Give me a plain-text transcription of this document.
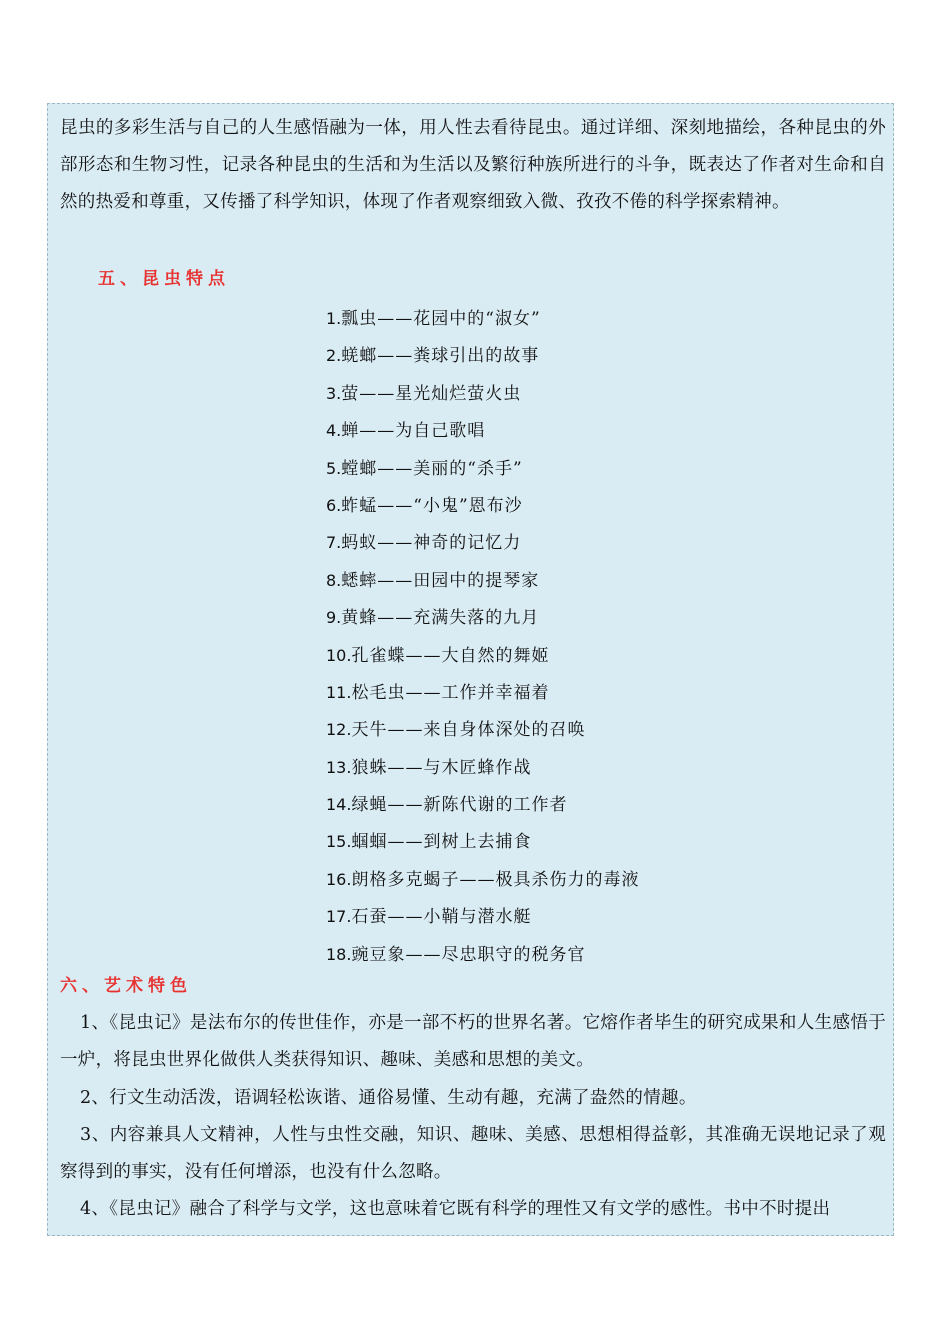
昆虫的多彩生活与自己的人生感悟融为一体，用人性去看待昆虫。通过详细、深刻地描绘，各种昆虫的外部形态和生物习性，记录各种昆虫的生活和为生活以及繁衍种族所进行的斗争，既表达了作者对生命和自然的热爱和尊重，又传播了科学知识，体现了作者观察细致入微、孜孜不倦的科学探索精神。

五、昆虫特点
1.瓢虫——花园中的“淑女”
2.蜣螂——粪球引出的故事
3.萤——星光灿烂萤火虫
4.蝉——为自己歌唱
5.螳螂——美丽的“杀手”
6.蚱蜢——“小鬼”恩布沙
7.蚂蚁——神奇的记忆力
8.蟋蟀——田园中的提琴家
9.黄蜂——充满失落的九月
10.孔雀蝶——大自然的舞姬
11.松毛虫——工作并幸福着
12.天牛——来自身体深处的召唤
13.狼蛛——与木匠蜂作战
14.绿蝇——新陈代谢的工作者
15.蝈蝈——到树上去捕食
16.朗格多克蝎子——极具杀伤力的毒液
17.石蚕——小鞘与潜水艇
18.豌豆象——尽忠职守的税务官
六、艺术特色

1、《昆虫记》是法布尔的传世佳作，亦是一部不朽的世界名著。它熔作者毕生的研究成果和人生感悟于一炉，将昆虫世界化做供人类获得知识、趣味、美感和思想的美文。

2、行文生动活泼，语调轻松诙谐、通俗易懂、生动有趣，充满了盎然的情趣。

3、内容兼具人文精神，人性与虫性交融，知识、趣味、美感、思想相得益彰，其准确无误地记录了观察得到的事实，没有任何增添，也没有什么忽略。

4、《昆虫记》融合了科学与文学，这也意味着它既有科学的理性又有文学的感性。书中不时提出
